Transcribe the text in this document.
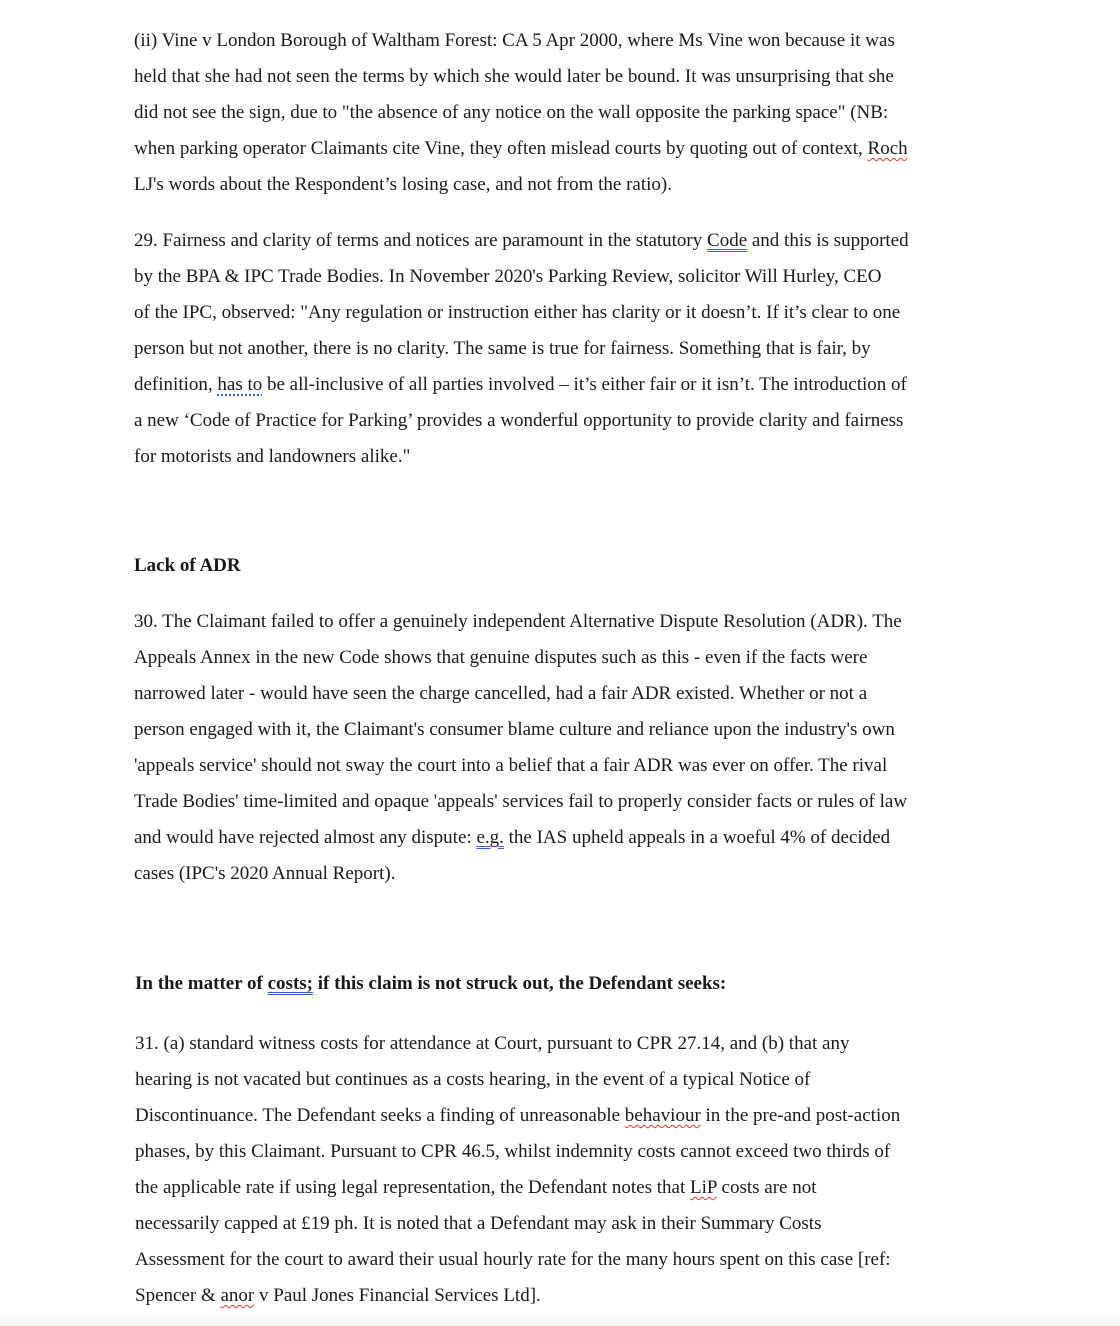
(ii) Vine v London Borough of Waltham Forest: CA 5 Apr 2000, where Ms Vine won because it was
held that she had not seen the terms by which she would later be bound. It was unsurprising that she
did not see the sign, due to "the absence of any notice on the wall opposite the parking space" (NB:
when parking operator Claimants cite Vine, they often mislead courts by quoting out of context, Roch
LJ's words about the Respondent’s losing case, and not from the ratio).
29. Fairness and clarity of terms and notices are paramount in the statutory Code and this is supported
by the BPA & IPC Trade Bodies. In November 2020's Parking Review, solicitor Will Hurley, CEO
of the IPC, observed: "Any regulation or instruction either has clarity or it doesn’t. If it’s clear to one
person but not another, there is no clarity. The same is true for fairness. Something that is fair, by
definition, has to be all-inclusive of all parties involved – it’s either fair or it isn’t. The introduction of
a new ‘Code of Practice for Parking’ provides a wonderful opportunity to provide clarity and fairness
for motorists and landowners alike."
Lack of ADR
30. The Claimant failed to offer a genuinely independent Alternative Dispute Resolution (ADR). The
Appeals Annex in the new Code shows that genuine disputes such as this - even if the facts were
narrowed later - would have seen the charge cancelled, had a fair ADR existed. Whether or not a
person engaged with it, the Claimant's consumer blame culture and reliance upon the industry's own
'appeals service' should not sway the court into a belief that a fair ADR was ever on offer. The rival
Trade Bodies' time-limited and opaque 'appeals' services fail to properly consider facts or rules of law
and would have rejected almost any dispute: e.g. the IAS upheld appeals in a woeful 4% of decided
cases (IPC's 2020 Annual Report).
In the matter of costs; if this claim is not struck out, the Defendant seeks:
31. (a) standard witness costs for attendance at Court, pursuant to CPR 27.14, and (b) that any
hearing is not vacated but continues as a costs hearing, in the event of a typical Notice of
Discontinuance. The Defendant seeks a finding of unreasonable behaviour in the pre-and post-action
phases, by this Claimant. Pursuant to CPR 46.5, whilst indemnity costs cannot exceed two thirds of
the applicable rate if using legal representation, the Defendant notes that LiP costs are not
necessarily capped at £19 ph. It is noted that a Defendant may ask in their Summary Costs
Assessment for the court to award their usual hourly rate for the many hours spent on this case [ref:
Spencer & anor v Paul Jones Financial Services Ltd].
